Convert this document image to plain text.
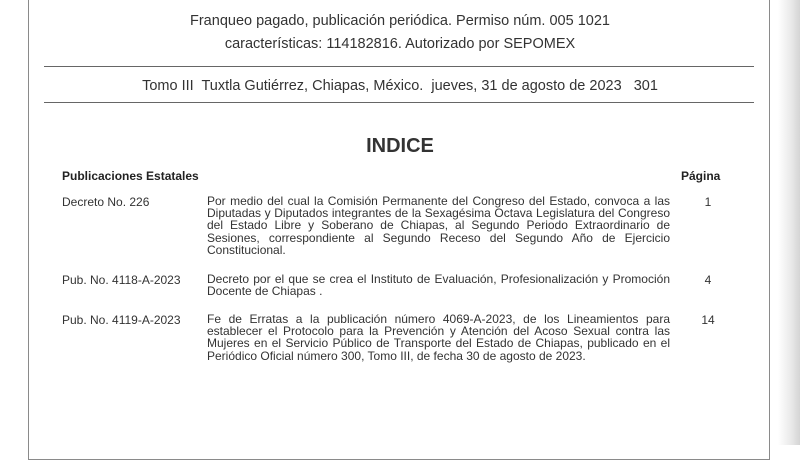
Franqueo pagado, publicación periódica. Permiso núm. 005 1021
características: 114182816. Autorizado por SEPOMEX
Tomo III  Tuxtla Gutiérrez, Chiapas, México.  jueves, 31 de agosto de 2023   301
INDICE
Publicaciones Estatales	Página
Decreto No. 226	Por medio del cual la Comisión Permanente del Congreso del Estado, convoca a las Diputadas y Diputados integrantes de la Sexagésima Octava Legislatura del Congreso del Estado Libre y Soberano de Chiapas, al Segundo Periodo Extraordinario de Sesiones, correspondiente al Segundo Receso del Segundo Año de Ejercicio Constitucional.
1
Pub. No. 4118-A-2023 Decreto por el que se crea el Instituto de Evaluación, Profesionalización y Promoción Docente de Chiapas .
4
Pub. No. 4119-A-2023 Fe de Erratas a la publicación número 4069-A-2023, de los Lineamientos para establecer el Protocolo para la Prevención y Atención del Acoso Sexual contra las Mujeres en el Servicio Público de Transporte del Estado de Chiapas, publicado en el Periódico Oficial número 300, Tomo III, de fecha 30 de agosto de 2023.
14
